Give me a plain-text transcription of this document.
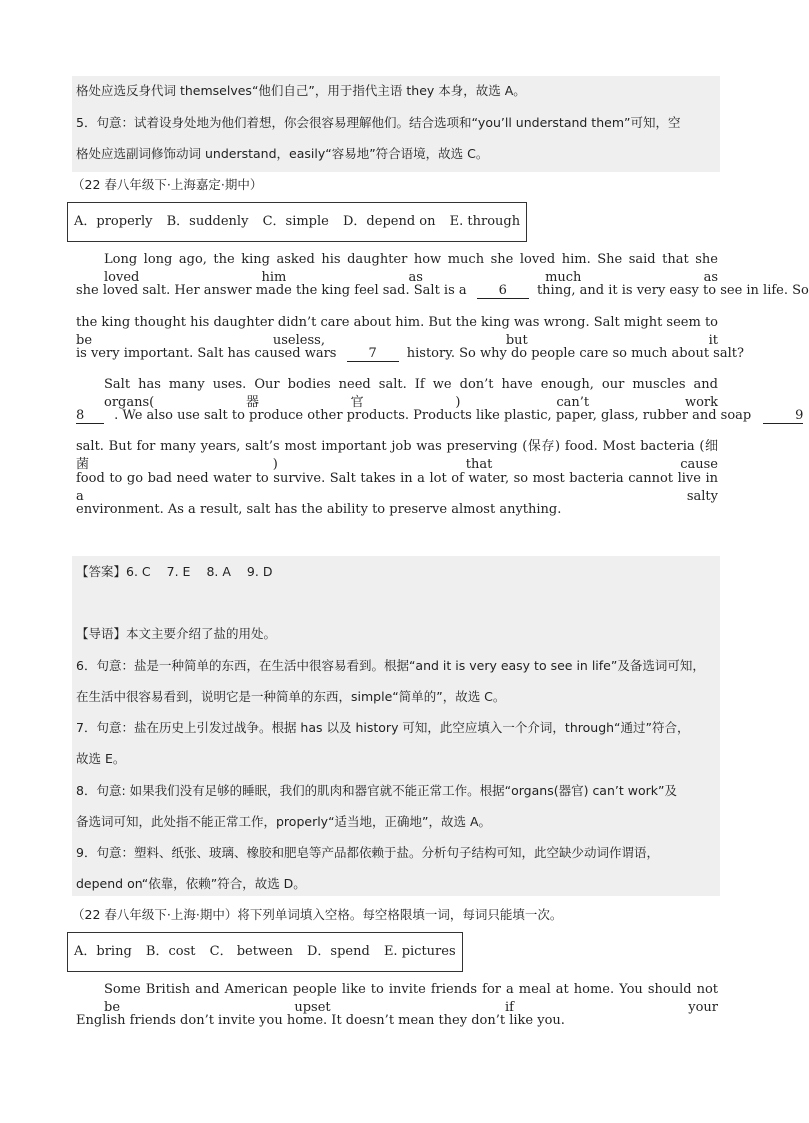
格处应选反身代词 themselves“他们自己”，用于指代主语 they 本身，故选 A。
5．句意：试着设身处地为他们着想，你会很容易理解他们。结合选项和“you’ll understand them”可知，空
格处应选副词修饰动词 understand，easily“容易地”符合语境，故选 C。
（22 春八年级下·上海嘉定·期中）
A．properly B．suddenly C．simple D．depend on E. through
Long long ago, the king asked his daughter how much she loved him. She said that she loved him as much as
she loved salt. Her answer made the king feel sad. Salt is a 6 thing, and it is very easy to see in life. So
the king thought his daughter didn’t care about him. But the king was wrong. Salt might seem to be useless, but it
is very important. Salt has caused wars 7 history. So why do people care so much about salt?
Salt has many uses. Our bodies need salt. If we don’t have enough, our muscles and organs(器官) can’t work
8 . We also use salt to produce other products. Products like plastic, paper, glass, rubber and soap	9
salt. But for many years, salt’s most important job was preserving (保存) food. Most bacteria (细菌) that cause
food to go bad need water to survive. Salt takes in a lot of water, so most bacteria cannot live in a salty
environment. As a result, salt has the ability to preserve almost anything.
【答案】6. C 7. E 8. A 9. D
【导语】本文主要介绍了盐的用处。
6．句意：盐是一种简单的东西，在生活中很容易看到。根据“and it is very easy to see in life”及备选词可知，
在生活中很容易看到，说明它是一种简单的东西，simple“简单的”，故选 C。
7．句意：盐在历史上引发过战争。根据 has 以及 history 可知，此空应填入一个介词，through“通过”符合，
故选 E。
8．句意: 如果我们没有足够的睡眠，我们的肌肉和器官就不能正常工作。根据“organs(器官) can’t work”及
备选词可知，此处指不能正常工作，properly“适当地，正确地”，故选 A。
9．句意：塑料、纸张、玻璃、橡胶和肥皂等产品都依赖于盐。分析句子结构可知，此空缺少动词作谓语，
depend on“依靠，依赖”符合，故选 D。
（22 春八年级下·上海·期中）将下列单词填入空格。每空格限填一词，每词只能填一次。
A．bring B．cost C． between D．spend E. pictures
Some British and American people like to invite friends for a meal at home. You should not be upset if your
English friends don’t invite you home. It doesn’t mean they don’t like you.
